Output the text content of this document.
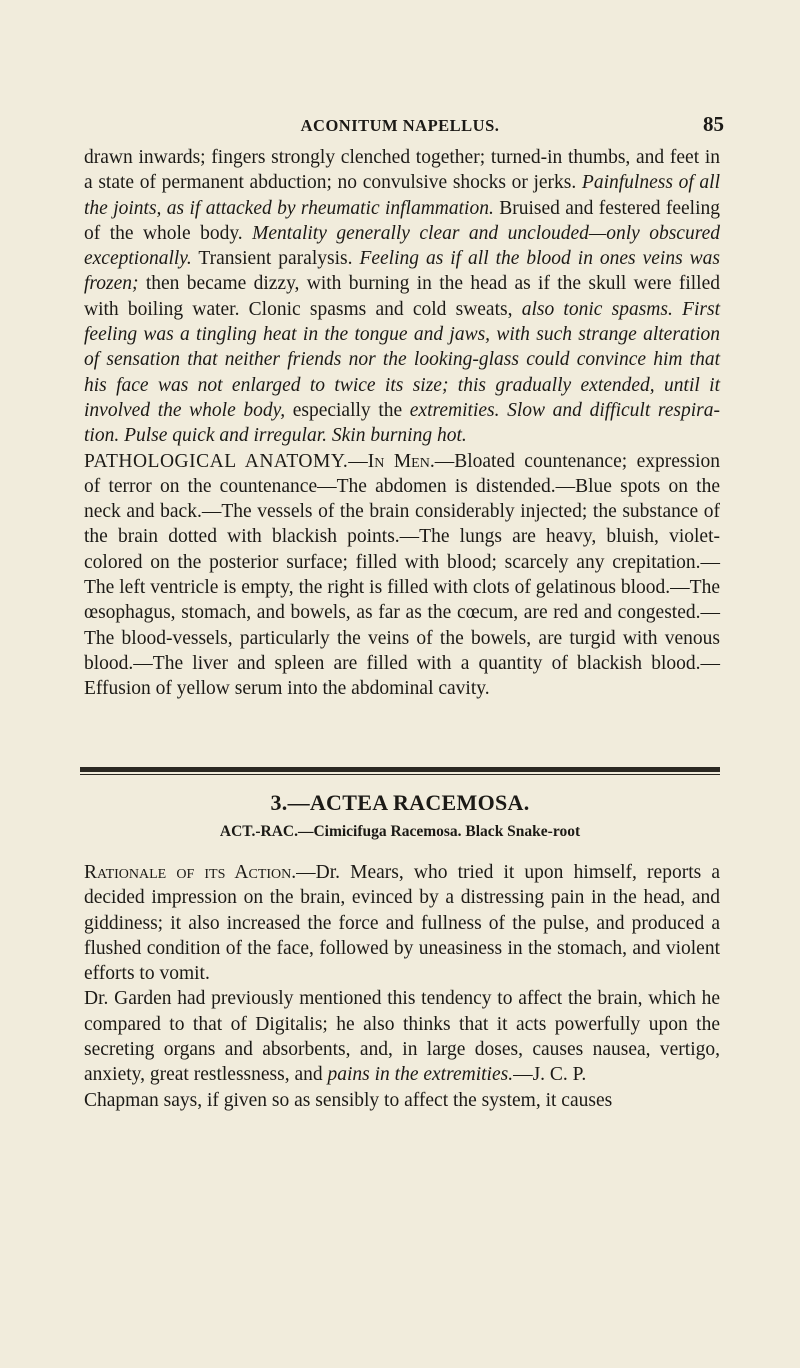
ACONITUM NAPELLUS.	85

drawn inwards; fingers strongly clenched together; turned-in thumbs, and feet in a state of permanent abduction; no convulsive shocks or jerks. Painfulness of all the joints, as if attacked by rheumatic inflammation. Bruised and festered feeling of the whole body. Mentality generally clear and unclouded—only obscured exceptionally. Transient paralysis. Feeling as if all the blood in ones veins was frozen; then became dizzy, with burning in the head as if the skull were filled with boiling water. Clonic spasms and cold sweats, also tonic spasms. First feeling was a tingling heat in the tongue and jaws, with such strange alteration of sensation that neither friends nor the looking-glass could convince him that his face was not enlarged to twice its size; this gradually extended, until it involved the whole body, especially the extremities. Slow and difficult respiration. Pulse quick and irregular. Skin burning hot.

PATHOLOGICAL ANATOMY.—In Men.—Bloated countenance; expression of terror on the countenance—The abdomen is distended.—Blue spots on the neck and back.—The vessels of the brain considerably injected; the substance of the brain dotted with blackish points.—The lungs are heavy, bluish, violet-colored on the posterior surface; filled with blood; scarcely any crepitation.— The left ventricle is empty, the right is filled with clots of gelatinous blood.—The œsophagus, stomach, and bowels, as far as the cœcum, are red and congested.—The blood-vessels, particularly the veins of the bowels, are turgid with venous blood.—The liver and spleen are filled with a quantity of blackish blood.—Effusion of yellow serum into the abdominal cavity.

3.—ACTEA RACEMOSA.
ACT.-RAC.—Cimicifuga Racemosa. Black Snake-root

Rationale of its Action.—Dr. Mears, who tried it upon himself, reports a decided impression on the brain, evinced by a distressing pain in the head, and giddiness; it also increased the force and fullness of the pulse, and produced a flushed condition of the face, followed by uneasiness in the stomach, and violent efforts to vomit.

Dr. Garden had previously mentioned this tendency to affect the brain, which he compared to that of Digitalis; he also thinks that it acts powerfully upon the secreting organs and absorbents, and, in large doses, causes nausea, vertigo, anxiety, great restlessness, and pains in the extremities.—J. C. P.

Chapman says, if given so as sensibly to affect the system, it causes
